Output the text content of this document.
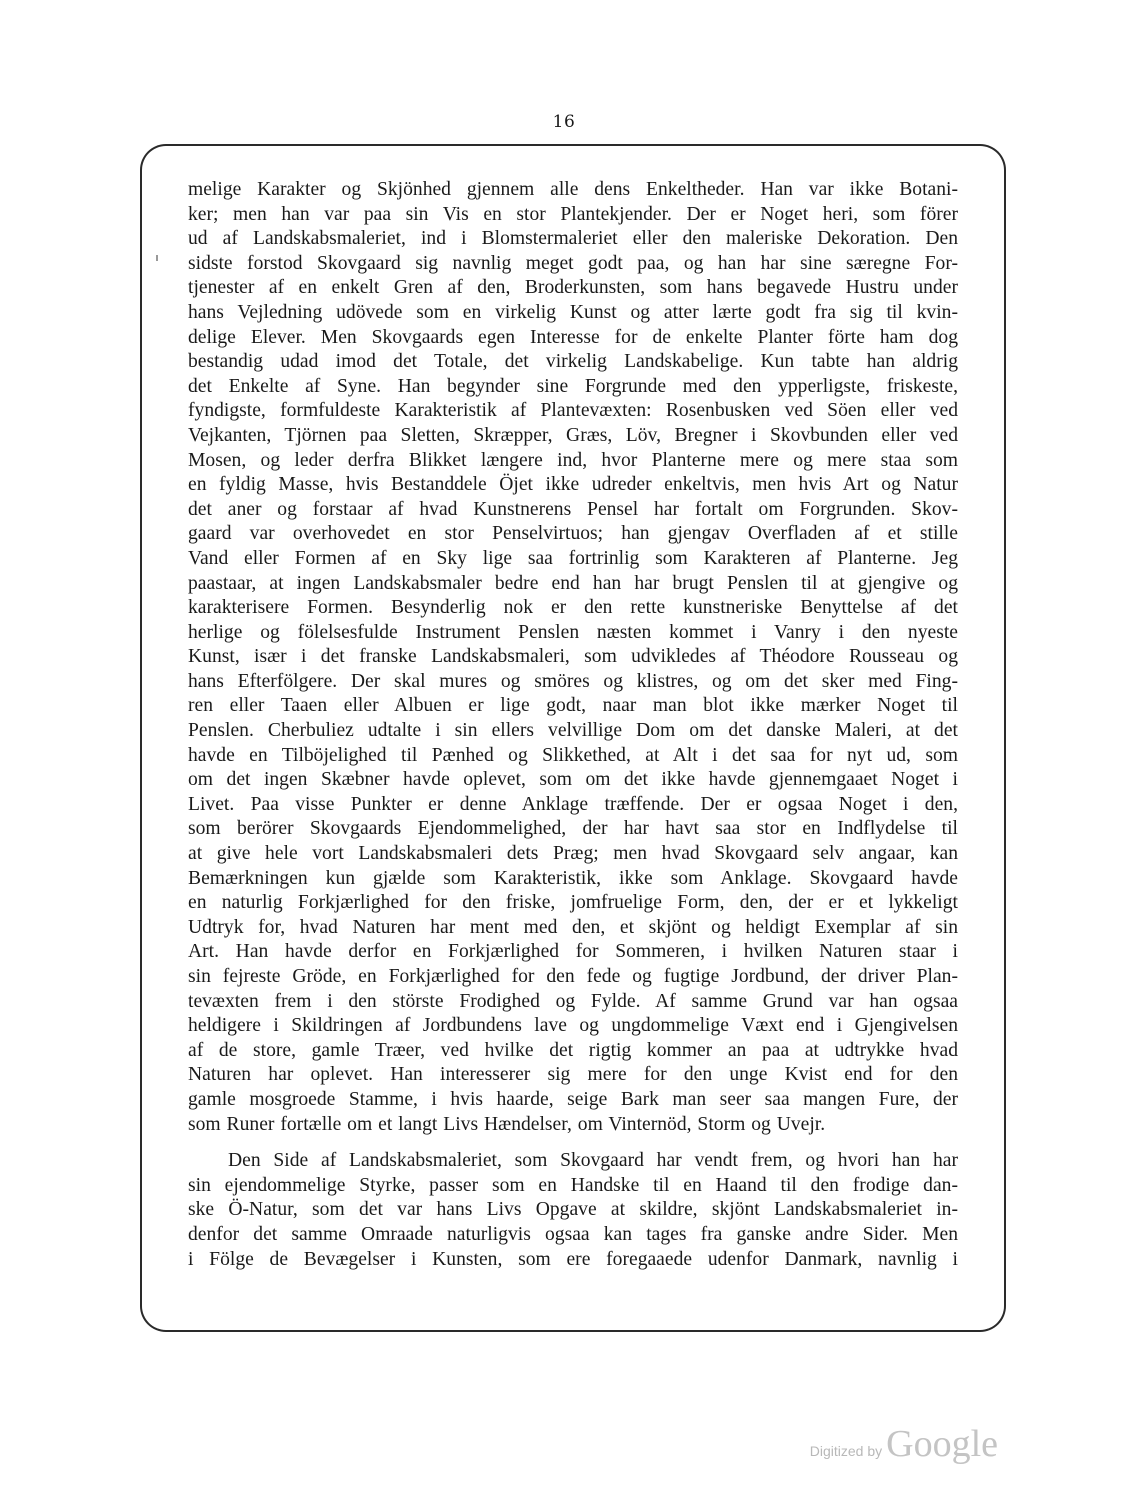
16
melige Karakter og Skjönhed gjennem alle dens Enkeltheder. Han var ikke Botani-
ker; men han var paa sin Vis en stor Plantekjender. Der er Noget heri, som förer
ud af Landskabsmaleriet, ind i Blomstermaleriet eller den maleriske Dekoration. Den
sidste forstod Skovgaard sig navnlig meget godt paa, og han har sine særegne For-
tjenester af en enkelt Gren af den, Broderkunsten, som hans begavede Hustru under
hans Vejledning udövede som en virkelig Kunst og atter lærte godt fra sig til kvin-
delige Elever. Men Skovgaards egen Interesse for de enkelte Planter förte ham dog
bestandig udad imod det Totale, det virkelig Landskabelige. Kun tabte han aldrig
det Enkelte af Syne. Han begynder sine Forgrunde med den ypperligste, friskeste,
fyndigste, formfuldeste Karakteristik af Plantevæxten: Rosenbusken ved Söen eller ved
Vejkanten, Tjörnen paa Sletten, Skræpper, Græs, Löv, Bregner i Skovbunden eller ved
Mosen, og leder derfra Blikket længere ind, hvor Planterne mere og mere staa som
en fyldig Masse, hvis Bestanddele Öjet ikke udreder enkeltvis, men hvis Art og Natur
det aner og forstaar af hvad Kunstnerens Pensel har fortalt om Forgrunden. Skov-
gaard var overhovedet en stor Penselvirtuos; han gjengav Overfladen af et stille
Vand eller Formen af en Sky lige saa fortrinlig som Karakteren af Planterne. Jeg
paastaar, at ingen Landskabsmaler bedre end han har brugt Penslen til at gjengive og
karakterisere Formen. Besynderlig nok er den rette kunstneriske Benyttelse af det
herlige og fölelsesfulde Instrument Penslen næsten kommet i Vanry i den nyeste
Kunst, især i det franske Landskabsmaleri, som udvikledes af Théodore Rousseau og
hans Efterfölgere. Der skal mures og smöres og klistres, og om det sker med Fing-
ren eller Taaen eller Albuen er lige godt, naar man blot ikke mærker Noget til
Penslen. Cherbuliez udtalte i sin ellers velvillige Dom om det danske Maleri, at det
havde en Tilböjelighed til Pænhed og Slikkethed, at Alt i det saa for nyt ud, som
om det ingen Skæbner havde oplevet, som om det ikke havde gjennemgaaet Noget i
Livet. Paa visse Punkter er denne Anklage træffende. Der er ogsaa Noget i den,
som berörer Skovgaards Ejendommelighed, der har havt saa stor en Indflydelse til
at give hele vort Landskabsmaleri dets Præg; men hvad Skovgaard selv angaar, kan
Bemærkningen kun gjælde som Karakteristik, ikke som Anklage. Skovgaard havde
en naturlig Forkjærlighed for den friske, jomfruelige Form, den, der er et lykkeligt
Udtryk for, hvad Naturen har ment med den, et skjönt og heldigt Exemplar af sin
Art. Han havde derfor en Forkjærlighed for Sommeren, i hvilken Naturen staar i
sin fejreste Gröde, en Forkjærlighed for den fede og fugtige Jordbund, der driver Plan-
tevæxten frem i den störste Frodighed og Fylde. Af samme Grund var han ogsaa
heldigere i Skildringen af Jordbundens lave og ungdommelige Væxt end i Gjengivelsen
af de store, gamle Træer, ved hvilke det rigtig kommer an paa at udtrykke hvad
Naturen har oplevet. Han interesserer sig mere for den unge Kvist end for den
gamle mosgroede Stamme, i hvis haarde, seige Bark man seer saa mangen Fure, der
som Runer fortælle om et langt Livs Hændelser, om Vinternöd, Storm og Uvejr.
Den Side af Landskabsmaleriet, som Skovgaard har vendt frem, og hvori han har
sin ejendommelige Styrke, passer som en Handske til en Haand til den frodige dan-
ske Ö-Natur, som det var hans Livs Opgave at skildre, skjönt Landskabsmaleriet in-
denfor det samme Omraade naturligvis ogsaa kan tages fra ganske andre Sider. Men
i Fölge de Bevægelser i Kunsten, som ere foregaaede udenfor Danmark, navnlig i
Digitized by Google
